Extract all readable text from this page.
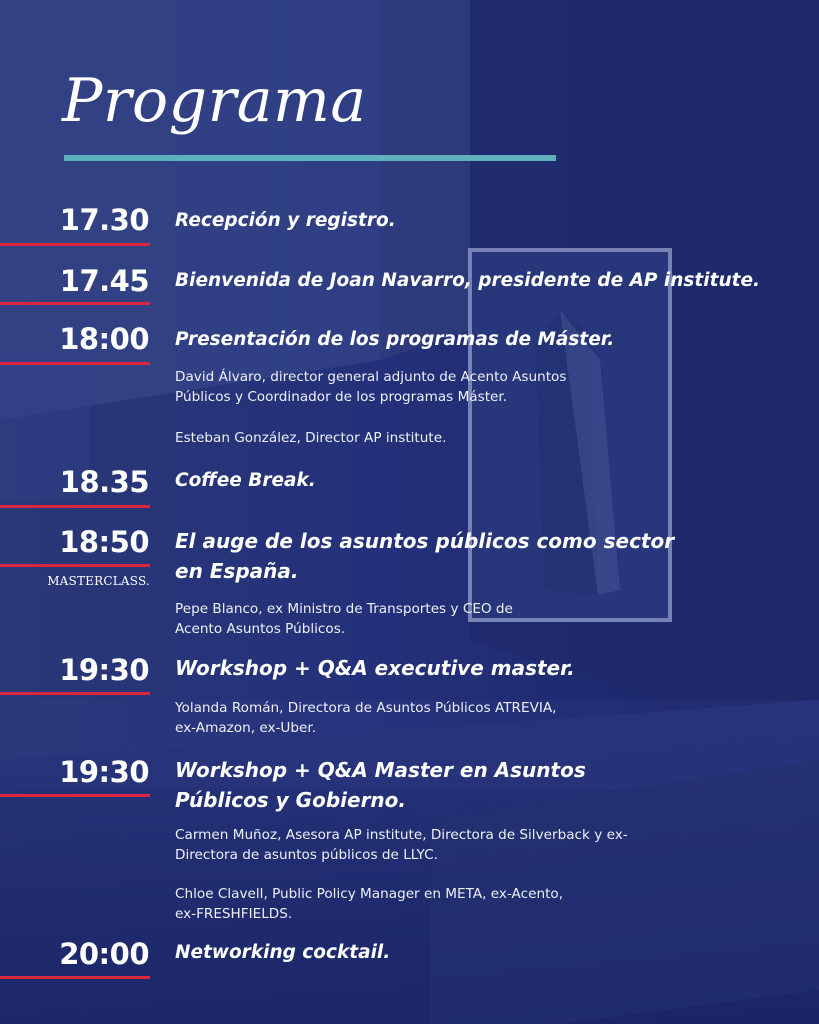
Programa
17.30 Recepción y registro.

17.45 Bienvenida de Joan Navarro, presidente de AP institute.

18:00 Presentación de los programas de Máster.

David Álvaro, director general adjunto de Acento Asuntos
Públicos y Coordinador de los programas Máster.

Esteban González, Director AP institute.

18.35 Coffee Break.

18:50
MASTERCLASS.

El auge de los asuntos públicos como sector
en España.

Pepe Blanco, ex Ministro de Transportes y CEO de
Acento Asuntos Públicos.

19:30 Workshop + Q&A executive master.

Yolanda Román, Directora de Asuntos Públicos ATREVIA,
ex-Amazon, ex-Uber.

19:30 Workshop + Q&A Master en Asuntos
Públicos y Gobierno.

Carmen Muñoz, Asesora AP institute, Directora de Silverback y ex-
Directora de asuntos públicos de LLYC.

Chloe Clavell, Public Policy Manager en META, ex-Acento,
ex-FRESHFIELDS.

20:00 Networking cocktail.
